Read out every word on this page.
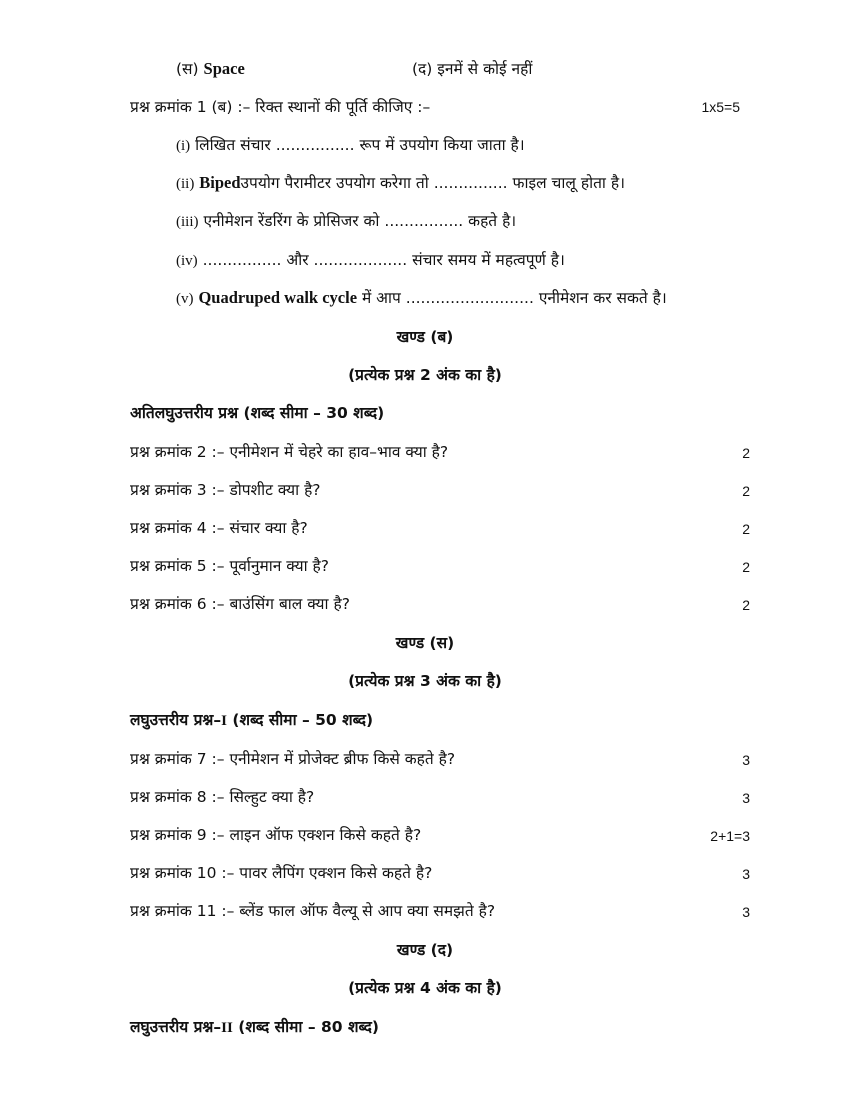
(स) Space	(द) इनमें से कोई नहीं
प्रश्न क्रमांक 1 (ब) :– रिक्त स्थानों की पूर्ति कीजिए :–	1x5=5
(i) लिखित संचार ................ रूप में उपयोग किया जाता है।
(ii) Bipedउपयोग पैरामीटर उपयोग करेगा तो ............... फाइल चालू होता है।
(iii) एनीमेशन रेंडरिंग के प्रोसिजर को ................ कहते है।
(iv) ................ और ................... संचार समय में महत्वपूर्ण है।
(v) Quadruped walk cycle में आप .......................... एनीमेशन कर सकते है।
खण्ड (ब)
(प्रत्येक प्रश्न 2 अंक का है)
अतिलघुउत्तरीय प्रश्न (शब्द सीमा – 30 शब्द)
प्रश्न क्रमांक 2 :– एनीमेशन में चेहरे का हाव–भाव क्या है?	2
प्रश्न क्रमांक 3 :– डोपशीट क्या है?	2
प्रश्न क्रमांक 4 :– संचार क्या है?	2
प्रश्न क्रमांक 5 :– पूर्वानुमान क्या है?	2
प्रश्न क्रमांक 6 :– बाउंसिंग बाल क्या है?	2
खण्ड (स)
(प्रत्येक प्रश्न 3 अंक का है)
लघुउत्तरीय प्रश्न–I (शब्द सीमा – 50 शब्द)
प्रश्न क्रमांक 7 :– एनीमेशन में प्रोजेक्ट ब्रीफ किसे कहते है?	3
प्रश्न क्रमांक 8 :– सिल्हुट क्या है?	3
प्रश्न क्रमांक 9 :– लाइन ऑफ एक्शन किसे कहते है?	2+1=3
प्रश्न क्रमांक 10 :– पावर लैपिंग एक्शन किसे कहते है?	3
प्रश्न क्रमांक 11 :– ब्लेंड फाल ऑफ वैल्यू से आप क्या समझते है?	3
खण्ड (द)
(प्रत्येक प्रश्न 4 अंक का है)
लघुउत्तरीय प्रश्न–II (शब्द सीमा – 80 शब्द)
